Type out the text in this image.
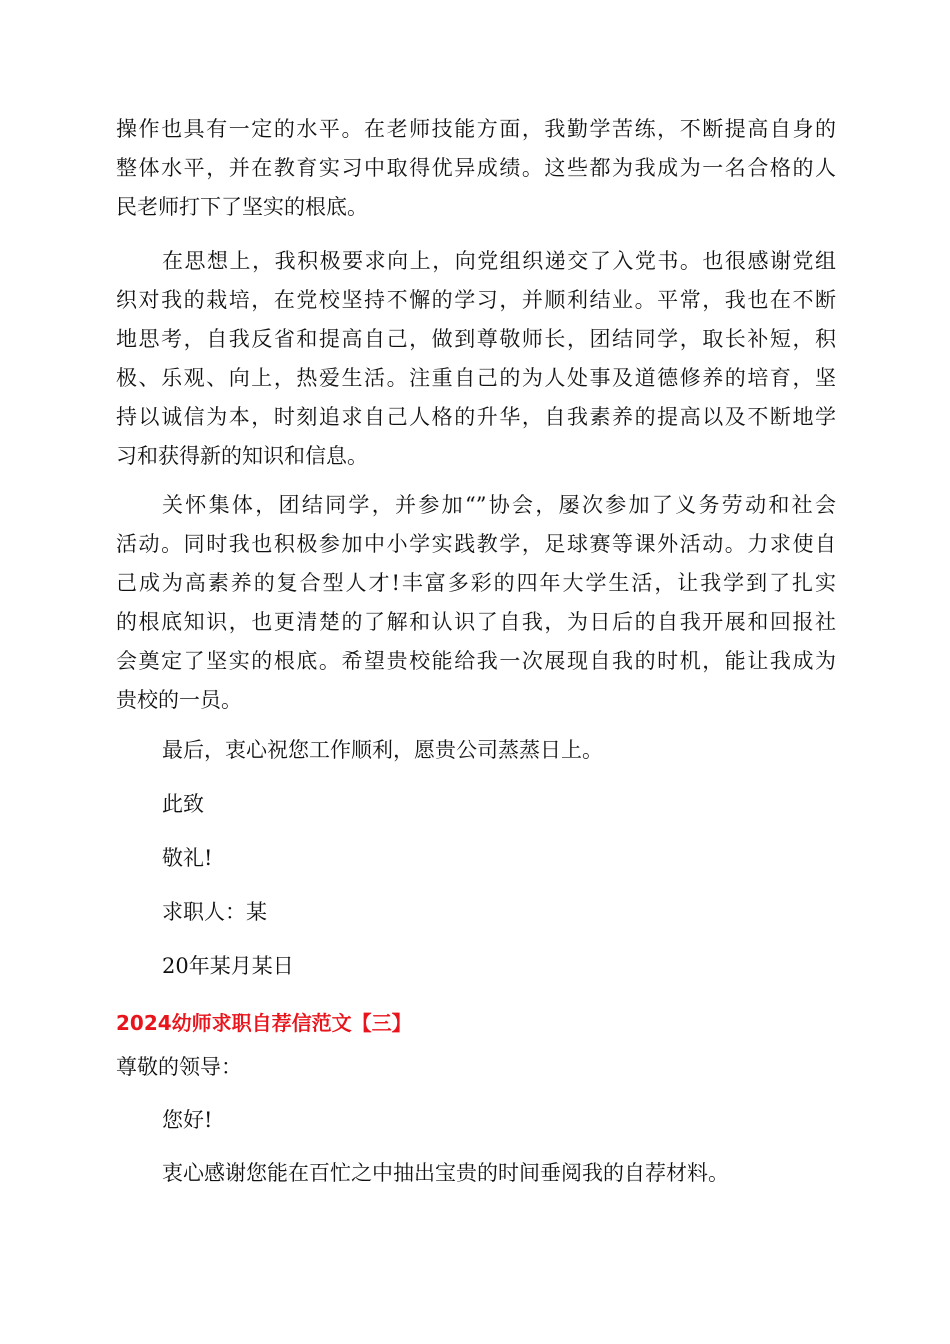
操作也具有一定的水平。在老师技能方面，我勤学苦练，不断提高自身的
整体水平，并在教育实习中取得优异成绩。这些都为我成为一名合格的人
民老师打下了坚实的根底。
在思想上，我积极要求向上，向党组织递交了入党书。也很感谢党组
织对我的栽培，在党校坚持不懈的学习，并顺利结业。平常，我也在不断
地思考，自我反省和提高自己，做到尊敬师长，团结同学，取长补短，积
极、乐观、向上，热爱生活。注重自己的为人处事及道德修养的培育，坚
持以诚信为本，时刻追求自己人格的升华，自我素养的提高以及不断地学
习和获得新的知识和信息。
关怀集体，团结同学，并参加“”协会，屡次参加了义务劳动和社会
活动。同时我也积极参加中小学实践教学，足球赛等课外活动。力求使自
己成为高素养的复合型人才!丰富多彩的四年大学生活，让我学到了扎实
的根底知识，也更清楚的了解和认识了自我，为日后的自我开展和回报社
会奠定了坚实的根底。希望贵校能给我一次展现自我的时机，能让我成为
贵校的一员。

最后，衷心祝您工作顺利，愿贵公司蒸蒸日上。

此致

敬礼!

求职人：某

20年某月某日

2024幼师求职自荐信范文【三】

尊敬的领导：

您好!

衷心感谢您能在百忙之中抽出宝贵的时间垂阅我的自荐材料。
